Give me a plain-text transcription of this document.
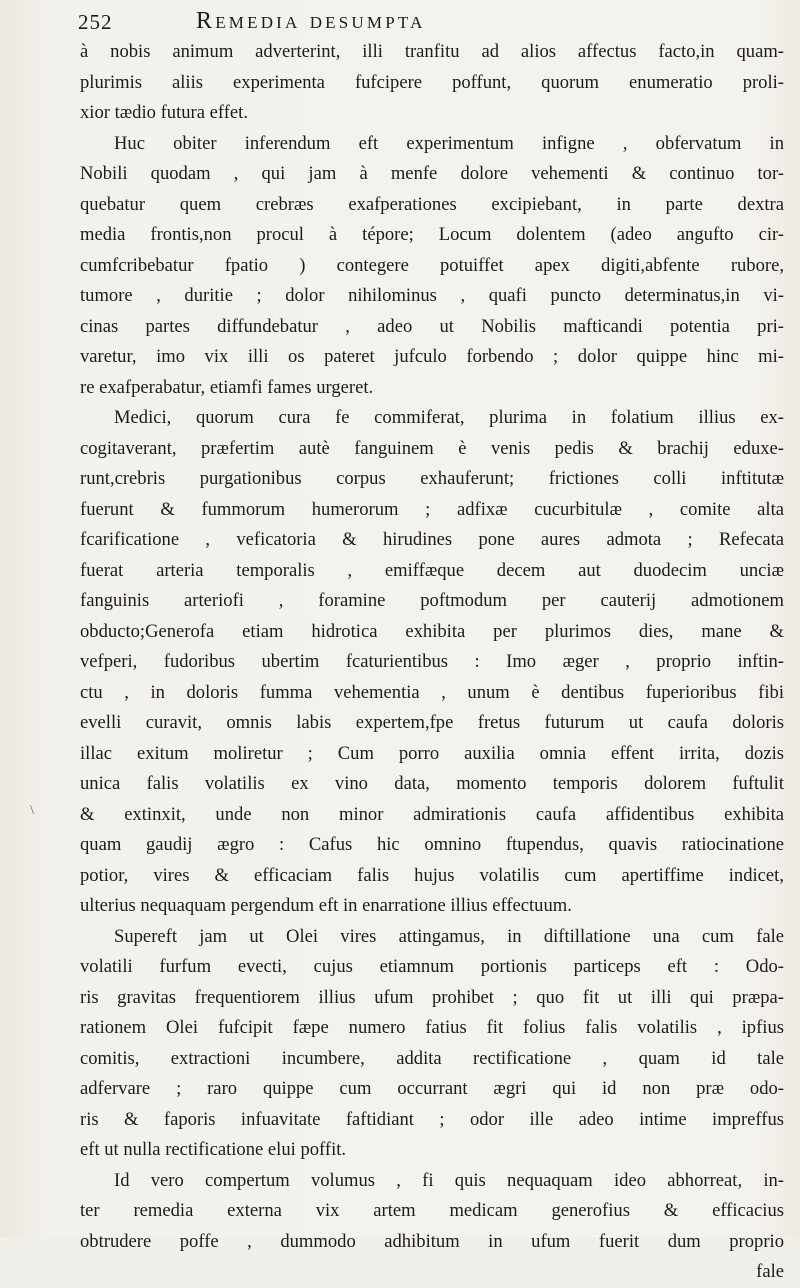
252	Remedia desumpta
\
à nobis animum adverterint, illi tranfitu ad alios affectus facto,in quam-
plurimis aliis experimenta fufcipere poffunt, quorum enumeratio proli-
xior tædio futura effet.
Huc obiter inferendum eft experimentum infigne , obfervatum in
Nobili quodam , qui jam à menfe dolore vehementi & continuo tor-
quebatur quem crebræs exafperationes excipiebant, in parte dextra
media frontis,non procul à tépore; Locum dolentem (adeo angufto cir-
cumfcribebatur fpatio ) contegere potuiffet apex digiti,abfente rubore,
tumore , duritie ; dolor nihilominus , quafi puncto determinatus,in vi-
cinas partes diffundebatur , adeo ut Nobilis mafticandi potentia pri-
varetur, imo vix illi os pateret jufculo forbendo ; dolor quippe hinc mi-
re exafperabatur, etiamfi fames urgeret.
Medici, quorum cura fe commiferat, plurima in folatium illius ex-
cogitaverant, præfertim autè fanguinem è venis pedis & brachij eduxe-
runt,crebris purgationibus corpus exhauferunt; frictiones colli inftitutæ
fuerunt & fummorum humerorum ; adfixæ cucurbitulæ , comite alta
fcarificatione , veficatoria & hirudines pone aures admota ; Refecata
fuerat arteria temporalis , emiffæque decem aut duodecim unciæ
fanguinis arteriofi , foramine poftmodum per cauterij admotionem
obducto;Generofa etiam hidrotica exhibita per plurimos dies, mane &
vefperi, fudoribus ubertim fcaturientibus : Imo æger , proprio inftin-
ctu , in doloris fumma vehementia , unum è dentibus fuperioribus fibi
evelli curavit, omnis labis expertem,fpe fretus futurum ut caufa doloris
illac exitum moliretur ; Cum porro auxilia omnia effent irrita, dozis
unica falis volatilis ex vino data, momento temporis dolorem fuftulit
& extinxit, unde non minor admirationis caufa affidentibus exhibita
quam gaudij ægro : Cafus hic omnino ftupendus, quavis ratiocinatione
potior, vires & efficaciam falis hujus volatilis cum apertiffime indicet,
ulterius nequaquam pergendum eft in enarratione illius effectuum.
Supereft jam ut Olei vires attingamus, in diftillatione una cum fale
volatili furfum evecti, cujus etiamnum portionis particeps eft : Odo-
ris gravitas frequentiorem illius ufum prohibet ; quo fit ut illi qui præpa-
rationem Olei fufcipit fæpe numero fatius fit folius falis volatilis , ipfius
comitis, extractioni incumbere, addita rectificatione , quam id tale
adfervare ; raro quippe cum occurrant ægri qui id non præ odo-
ris & faporis infuavitate faftidiant ; odor ille adeo intime impreffus
eft ut nulla rectificatione elui poffit.
Id vero compertum volumus , fi quis nequaquam ideo abhorreat, in-
ter remedia externa vix artem medicam generofius & efficacius
obtrudere poffe , dummodo adhibitum in ufum fuerit dum proprio
fale
